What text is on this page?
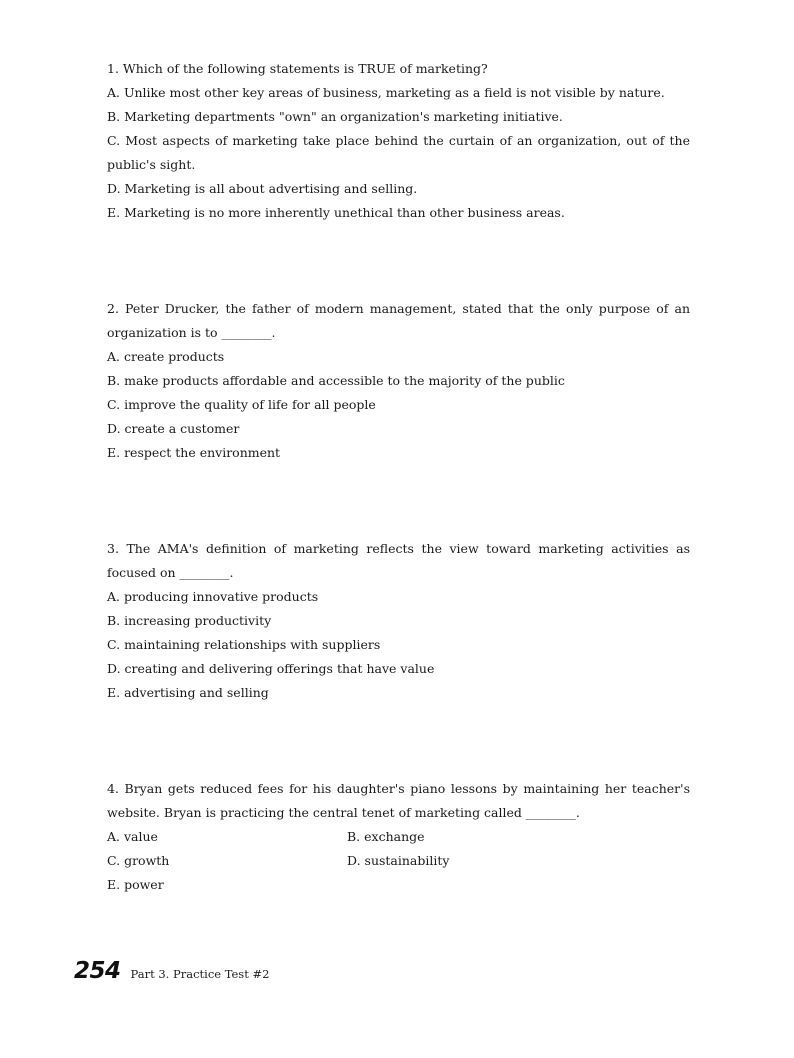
1. Which of the following statements is TRUE of marketing?

A. Unlike most other key areas of business, marketing as a field is not visible by nature.

B. Marketing departments "own" an organization's marketing initiative.

C. Most aspects of marketing take place behind the curtain of an organization, out of the public's sight.

D. Marketing is all about advertising and selling.

E. Marketing is no more inherently unethical than other business areas.

2. Peter Drucker, the father of modern management, stated that the only purpose of an organization is to ________.

A. create products

B. make products affordable and accessible to the majority of the public

C. improve the quality of life for all people

D. create a customer

E. respect the environment

3. The AMA's definition of marketing reflects the view toward marketing activities as focused on ________.

A. producing innovative products

B. increasing productivity

C. maintaining relationships with suppliers

D. creating and delivering offerings that have value

E. advertising and selling

4. Bryan gets reduced fees for his daughter's piano lessons by maintaining her teacher's website. Bryan is practicing the central tenet of marketing called ________.

A. value	B. exchange

C. growth	D. sustainability

E. power

254 Part 3. Practice Test #2
